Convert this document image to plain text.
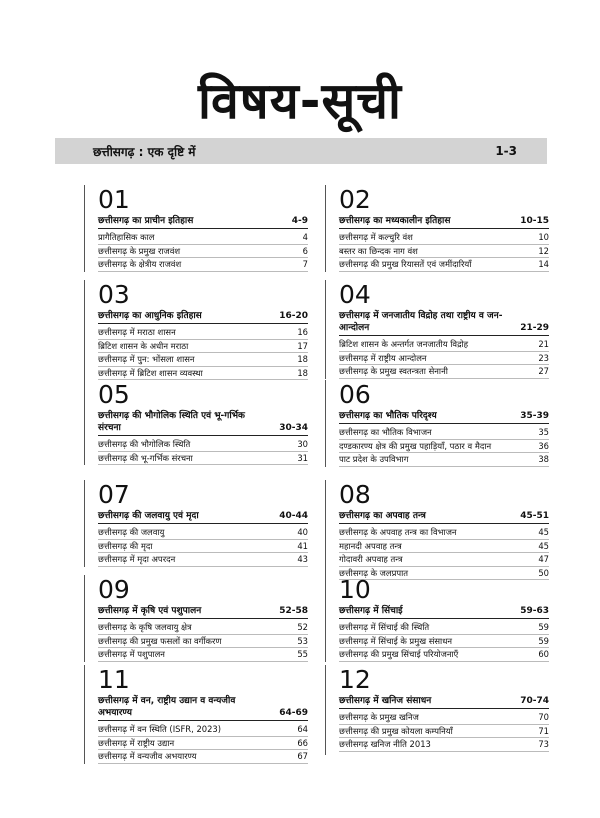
विषय-सूची
छत्तीसगढ़ : एक दृष्टि में	1-3
01
छत्तीसगढ़ का प्राचीन इतिहास	4-9
प्रागैतिहासिक काल	4
छत्तीसगढ़ के प्रमुख राजवंश	6
छत्तीसगढ़ के क्षेत्रीय राजवंश	7
03
छत्तीसगढ़ का आधुनिक इतिहास	16-20
छत्तीसगढ़ में मराठा शासन	16
ब्रिटिश शासन के अधीन मराठा	17
छत्तीसगढ़ में पुन: भोंसला शासन	18
छत्तीसगढ़ में ब्रिटिश शासन व्यवस्था	18
05
छत्तीसगढ़ की भौगोलिक स्थिति एवं भू-गर्भिक संरचना	30-34
छत्तीसगढ़ की भौगोलिक स्थिति	30
छत्तीसगढ़ की भू-गर्भिक संरचना	31
07
छत्तीसगढ़ की जलवायु एवं मृदा	40-44
छत्तीसगढ़ की जलवायु	40
छत्तीसगढ़ की मृदा	41
छत्तीसगढ़ में मृदा अपरदन	43
09
छत्तीसगढ़ में कृषि एवं पशुपालन	52-58
छत्तीसगढ़ के कृषि जलवायु क्षेत्र	52
छत्तीसगढ़ की प्रमुख फसलों का वर्गीकरण	53
छत्तीसगढ़ में पशुपालन	55
11
छत्तीसगढ़ में वन, राष्ट्रीय उद्यान व वन्यजीव अभयारण्य	64-69
छत्तीसगढ़ में वन स्थिति (ISFR, 2023)	64
छत्तीसगढ़ में राष्ट्रीय उद्यान	66
छत्तीसगढ़ में वन्यजीव अभयारण्य	67
02
छत्तीसगढ़ का मध्यकालीन इतिहास	10-15
छत्तीसगढ़ में कल्चुरि वंश	10
बस्तर का छिन्दक नाग वंश	12
छत्तीसगढ़ की प्रमुख रियासतें एवं जमींदारियाँ	14
04
छत्तीसगढ़ में जनजातीय विद्रोह तथा राष्ट्रीय व जन-आन्दोलन	21-29
ब्रिटिश शासन के अन्तर्गत जनजातीय विद्रोह	21
छत्तीसगढ़ में राष्ट्रीय आन्दोलन	23
छत्तीसगढ़ के प्रमुख स्वतन्त्रता सेनानी	27
06
छत्तीसगढ़ का भौतिक परिदृश्य	35-39
छत्तीसगढ़ का भौतिक विभाजन	35
दण्डकारण्य क्षेत्र की प्रमुख पहाड़ियाँ, पठार व मैदान	36
पाट प्रदेश के उपविभाग	38
08
छत्तीसगढ़ का अपवाह तन्त्र	45-51
छत्तीसगढ़ के अपवाह तन्त्र का विभाजन	45
महानदी अपवाह तन्त्र	45
गोदावरी अपवाह तन्त्र	47
छत्तीसगढ़ के जलप्रपात	50
10
छत्तीसगढ़ में सिंचाई	59-63
छत्तीसगढ़ में सिंचाई की स्थिति	59
छत्तीसगढ़ में सिंचाई के प्रमुख संसाधन	59
छत्तीसगढ़ की प्रमुख सिंचाई परियोजनाएँ	60
12
छत्तीसगढ़ में खनिज संसाधन	70-74
छत्तीसगढ़ के प्रमुख खनिज	70
छत्तीसगढ़ की प्रमुख कोयला कम्पनियाँ	71
छत्तीसगढ़ खनिज नीति 2013	73
